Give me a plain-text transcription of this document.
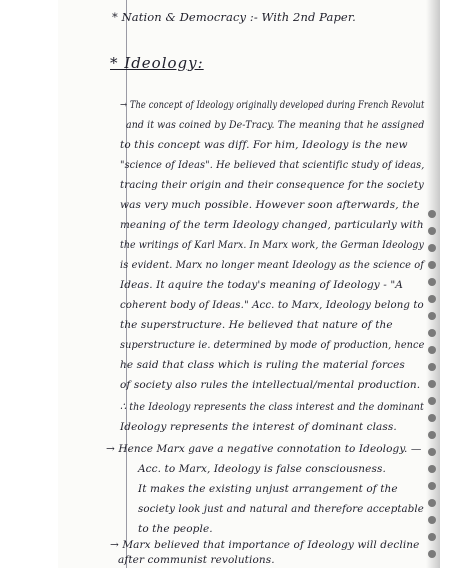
* Nation & Democracy :- With 2nd Paper.
* Ideology:
→ The concept of Ideology originally developed during French Revolut
and it was coined by De-Tracy. The meaning that he assigned
to this concept was diff. For him, Ideology is the new
"science of Ideas". He believed that scientific study of ideas,
tracing their origin and their consequence for the society
was very much possible. However soon afterwards, the
meaning of the term Ideology changed, particularly with
the writings of Karl Marx. In Marx work, the German Ideology
is evident. Marx no longer meant Ideology as the science of
Ideas. It aquire the today's meaning of Ideology - "A
coherent body of Ideas." Acc. to Marx, Ideology belong to
the superstructure. He believed that nature of the
superstructure ie. determined by mode of production, hence
he said that class which is ruling the material forces
of society also rules the intellectual/mental production.
∴ the Ideology represents the class interest and the dominant
Ideology represents the interest of dominant class.
→ Hence Marx gave a negative connotation to Ideology. —
Acc. to Marx, Ideology is false consciousness.
It makes the existing unjust arrangement of the
society look just and natural and therefore acceptable
to the people.
→ Marx believed that importance of Ideology will decline
after communist revolutions.
